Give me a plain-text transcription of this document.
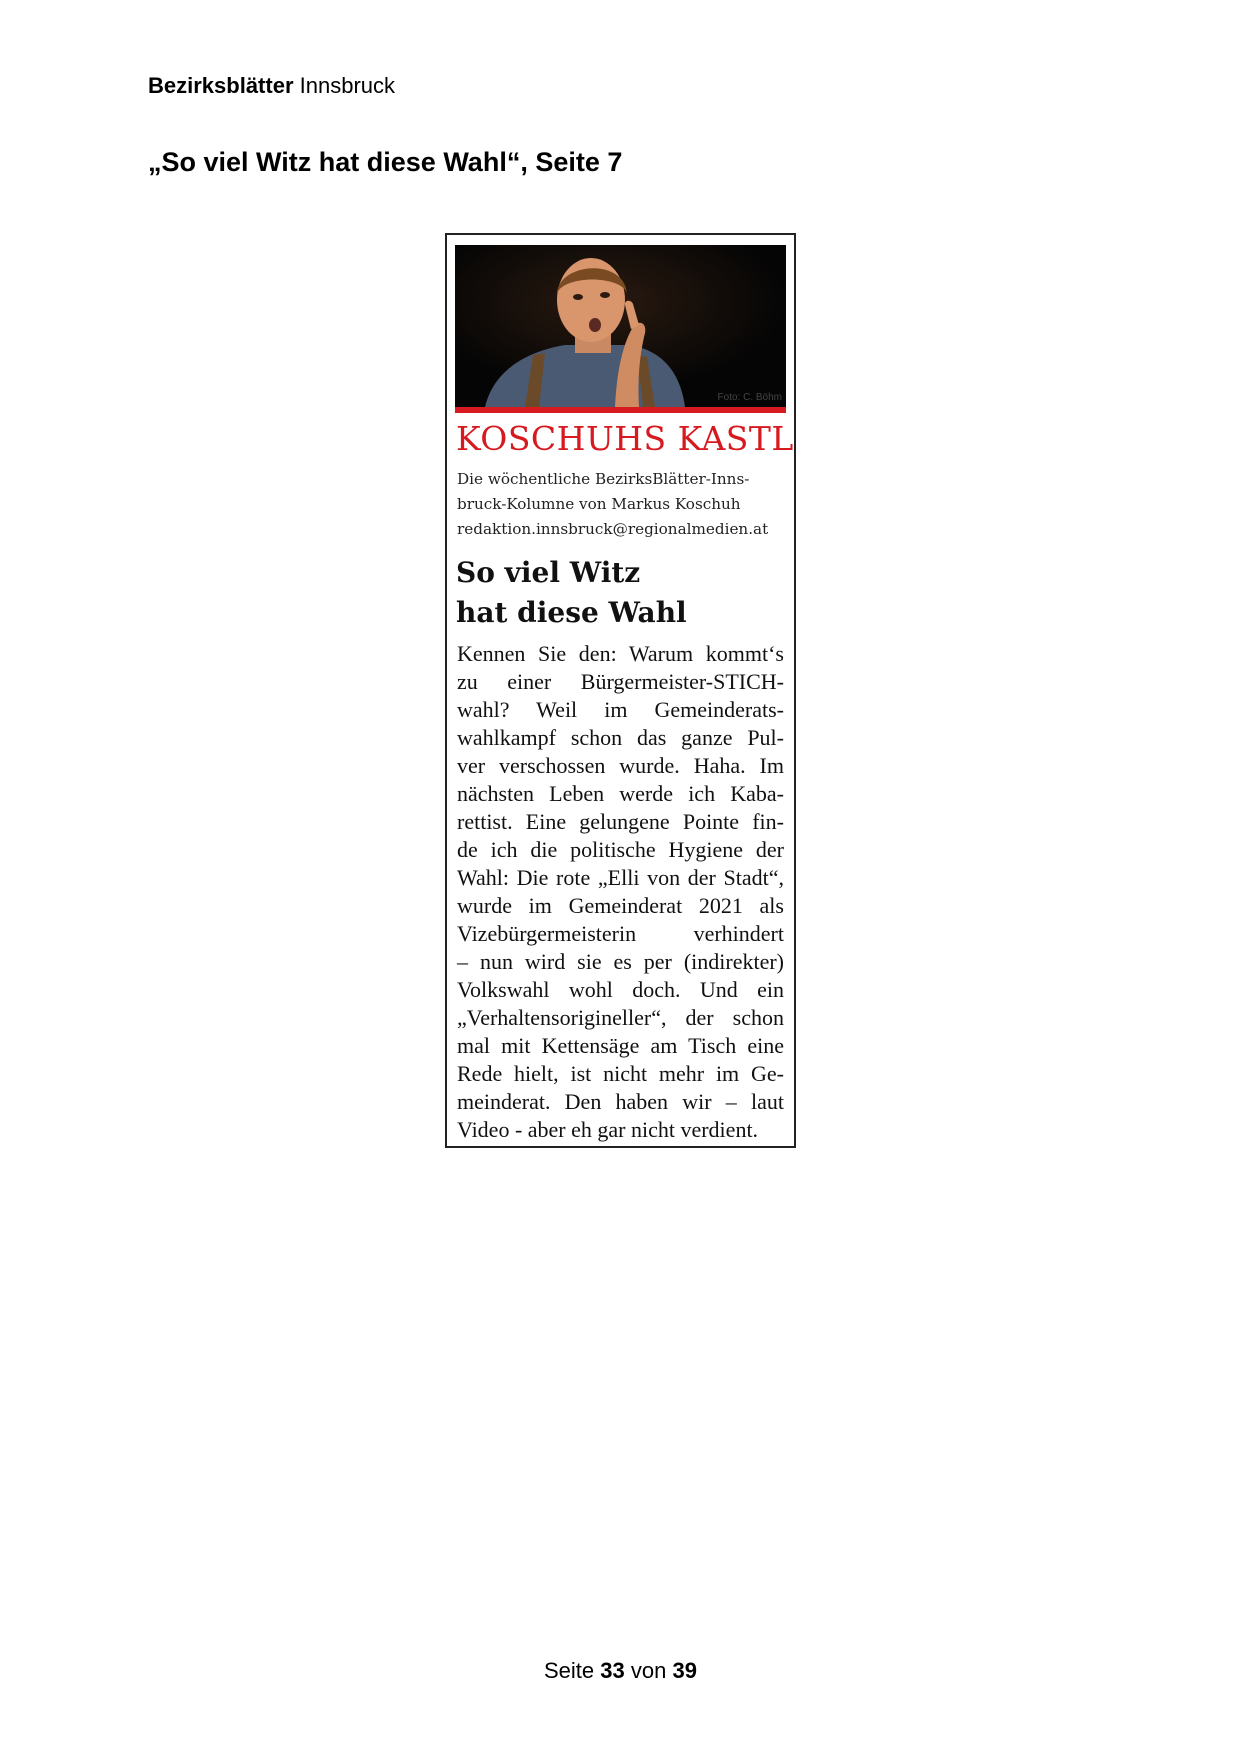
Bezirksblätter Innsbruck
„So viel Witz hat diese Wahl“, Seite 7
Foto: C. Böhm
KOSCHUHS KASTL
Die wöchentliche BezirksBlätter-Inns-
bruck-Kolumne von Markus Koschuh
redaktion.innsbruck@regionalmedien.at
So viel Witz
hat diese Wahl
Kennen Sie den: Warum kommt‘s
zu einer Bürgermeister-STICH-
wahl? Weil im Gemeinderats-
wahlkampf schon das ganze Pul-
ver verschossen wurde. Haha. Im
nächsten Leben werde ich Kaba-
rettist. Eine gelungene Pointe fin-
de ich die politische Hygiene der
Wahl: Die rote „Elli von der Stadt“,
wurde im Gemeinderat 2021 als
Vizebürgermeisterin verhindert
– nun wird sie es per (indirekter)
Volkswahl wohl doch. Und ein
„Verhaltensorigineller“, der schon
mal mit Kettensäge am Tisch eine
Rede hielt, ist nicht mehr im Ge-
meinderat. Den haben wir – laut
Video - aber eh gar nicht verdient.
Seite 33 von 39
